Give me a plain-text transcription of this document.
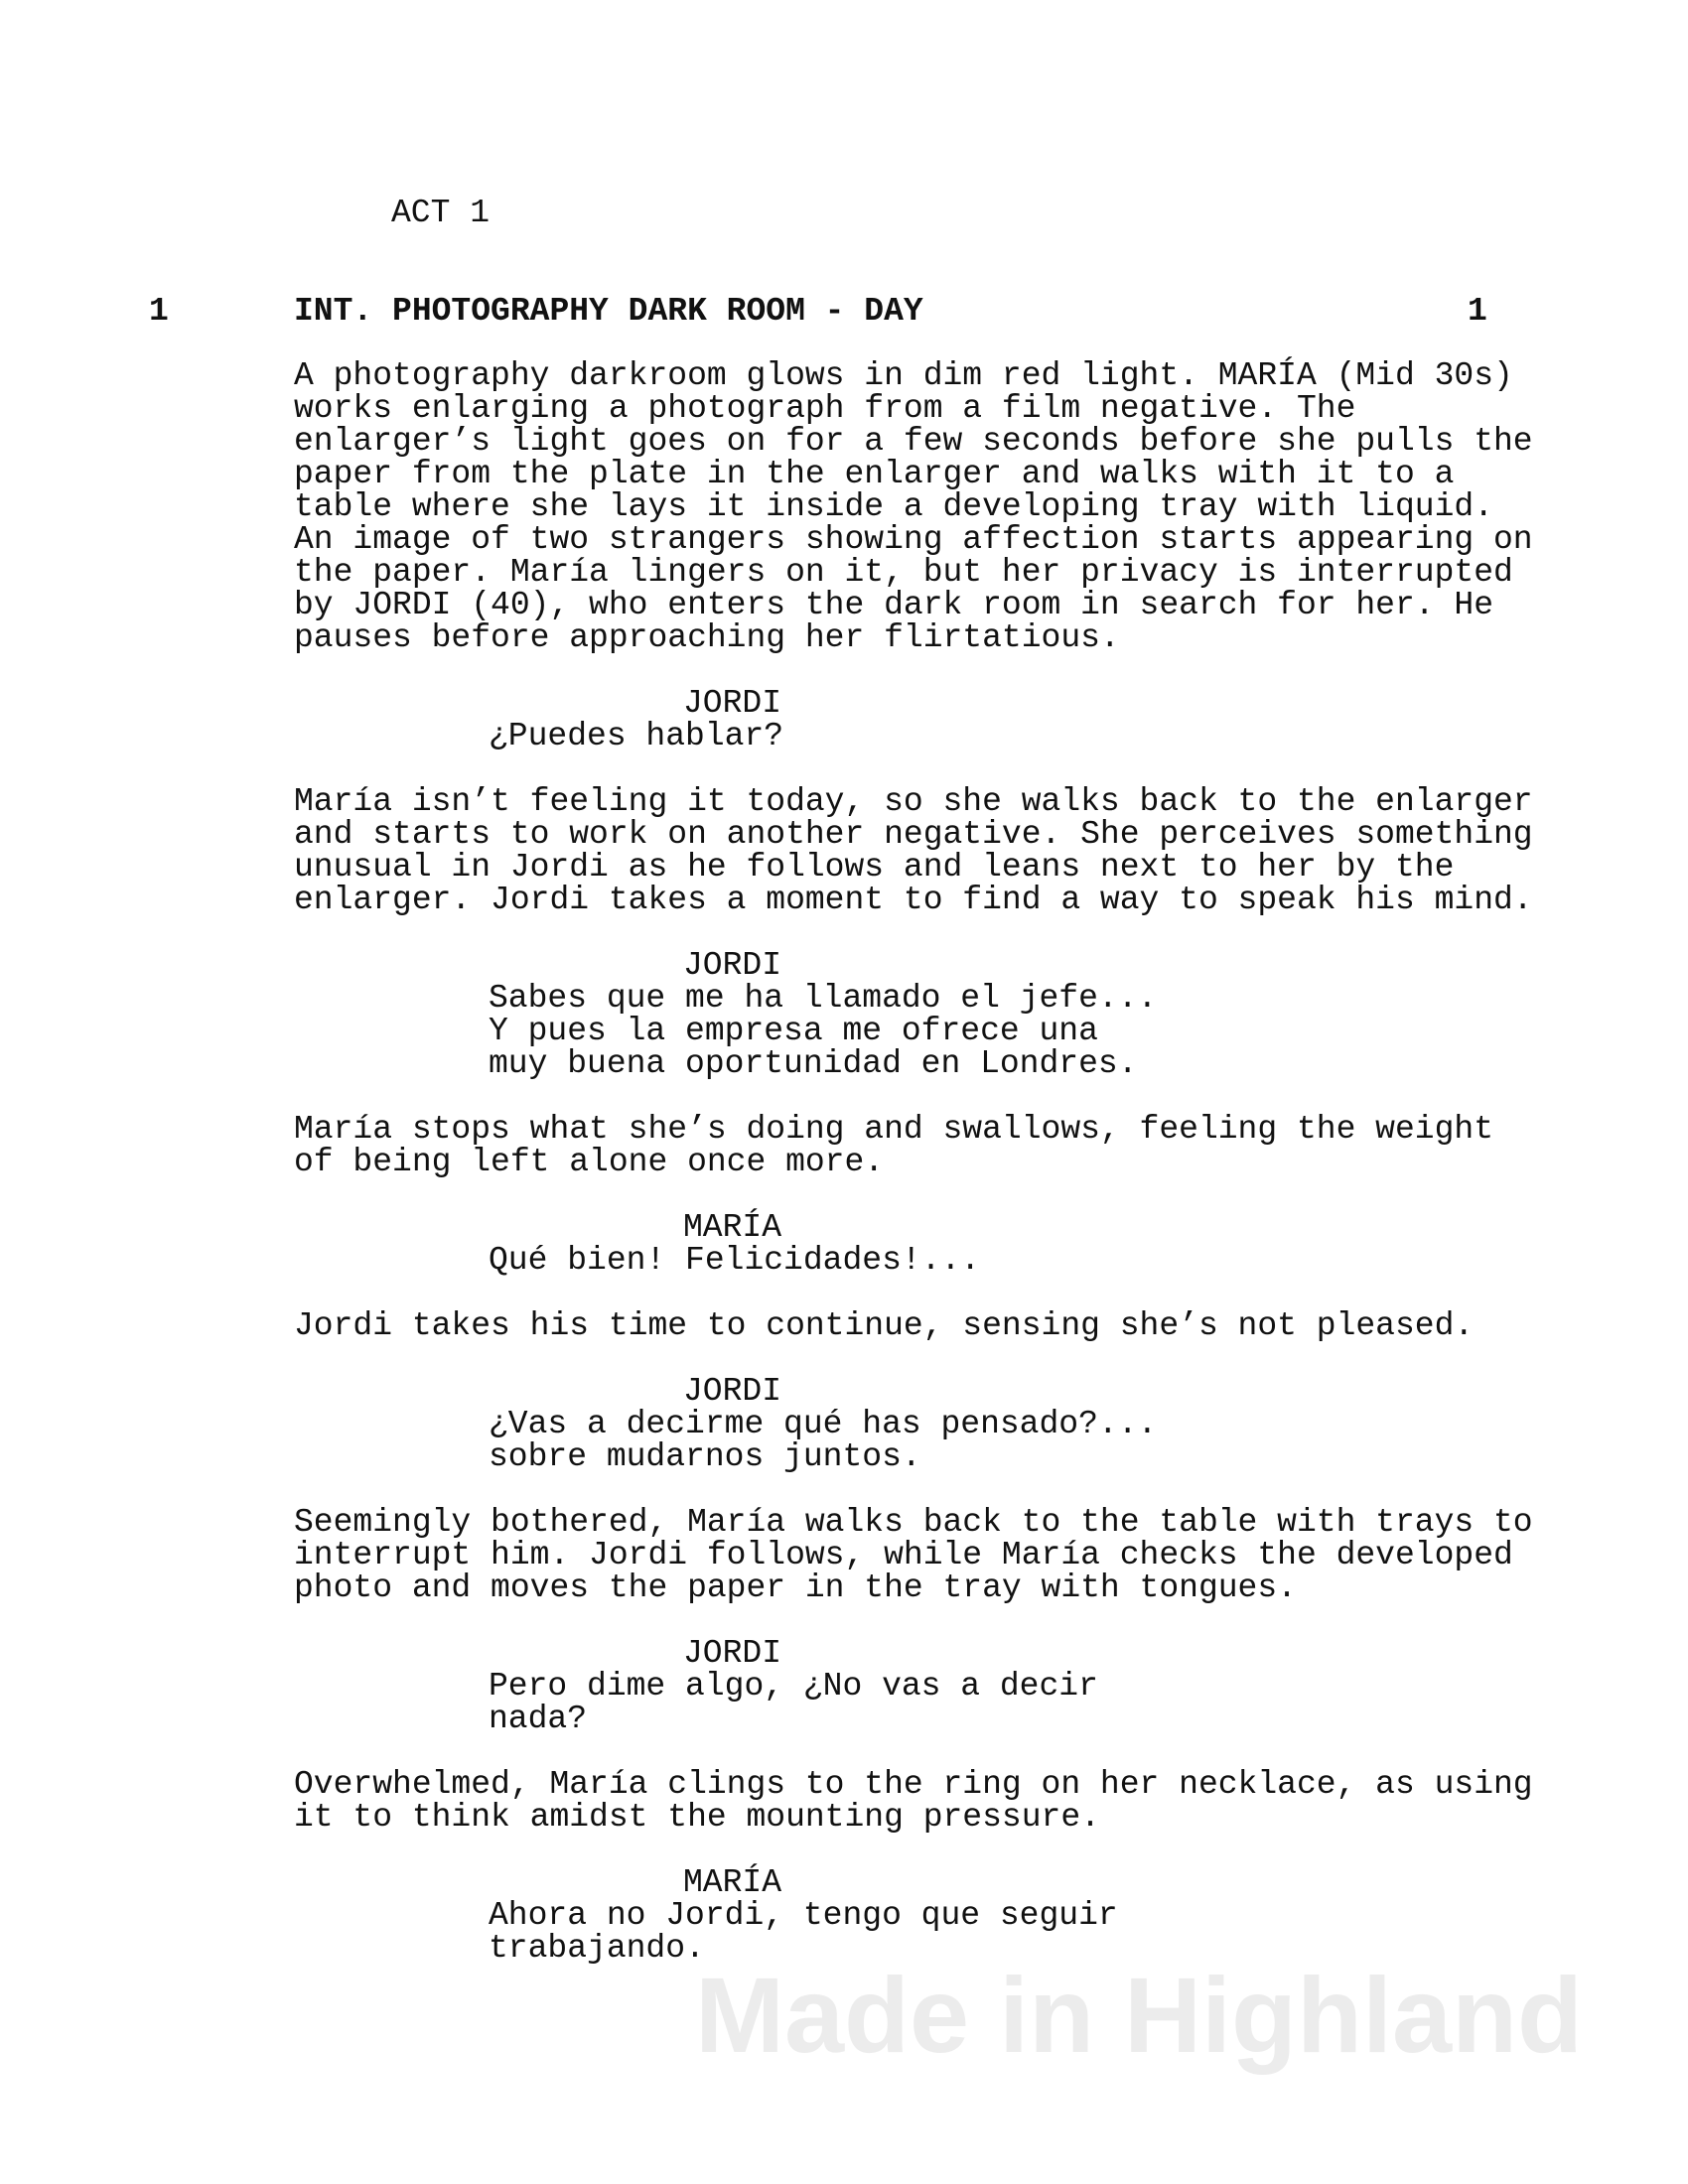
ACT 1
1	INT. PHOTOGRAPHY DARK ROOM - DAY	1
A photography darkroom glows in dim red light. MARÍA (Mid 30s)
works enlarging a photograph from a film negative. The
enlarger’s light goes on for a few seconds before she pulls the
paper from the plate in the enlarger and walks with it to a
table where she lays it inside a developing tray with liquid.
An image of two strangers showing affection starts appearing on
the paper. María lingers on it, but her privacy is interrupted
by JORDI (40), who enters the dark room in search for her. He
pauses before approaching her flirtatious.
JORDI
¿Puedes hablar?
María isn’t feeling it today, so she walks back to the enlarger
and starts to work on another negative. She perceives something
unusual in Jordi as he follows and leans next to her by the
enlarger. Jordi takes a moment to find a way to speak his mind.
JORDI
Sabes que me ha llamado el jefe...
Y pues la empresa me ofrece una
muy buena oportunidad en Londres.
María stops what she’s doing and swallows, feeling the weight
of being left alone once more.
MARÍA
Qué bien! Felicidades!...
Jordi takes his time to continue, sensing she’s not pleased.
JORDI
¿Vas a decirme qué has pensado?...
sobre mudarnos juntos.
Seemingly bothered, María walks back to the table with trays to
interrupt him. Jordi follows, while María checks the developed
photo and moves the paper in the tray with tongues.
JORDI
Pero dime algo, ¿No vas a decir
nada?
Overwhelmed, María clings to the ring on her necklace, as using
it to think amidst the mounting pressure.
MARÍA
Ahora no Jordi, tengo que seguir
trabajando.
Made in Highland
